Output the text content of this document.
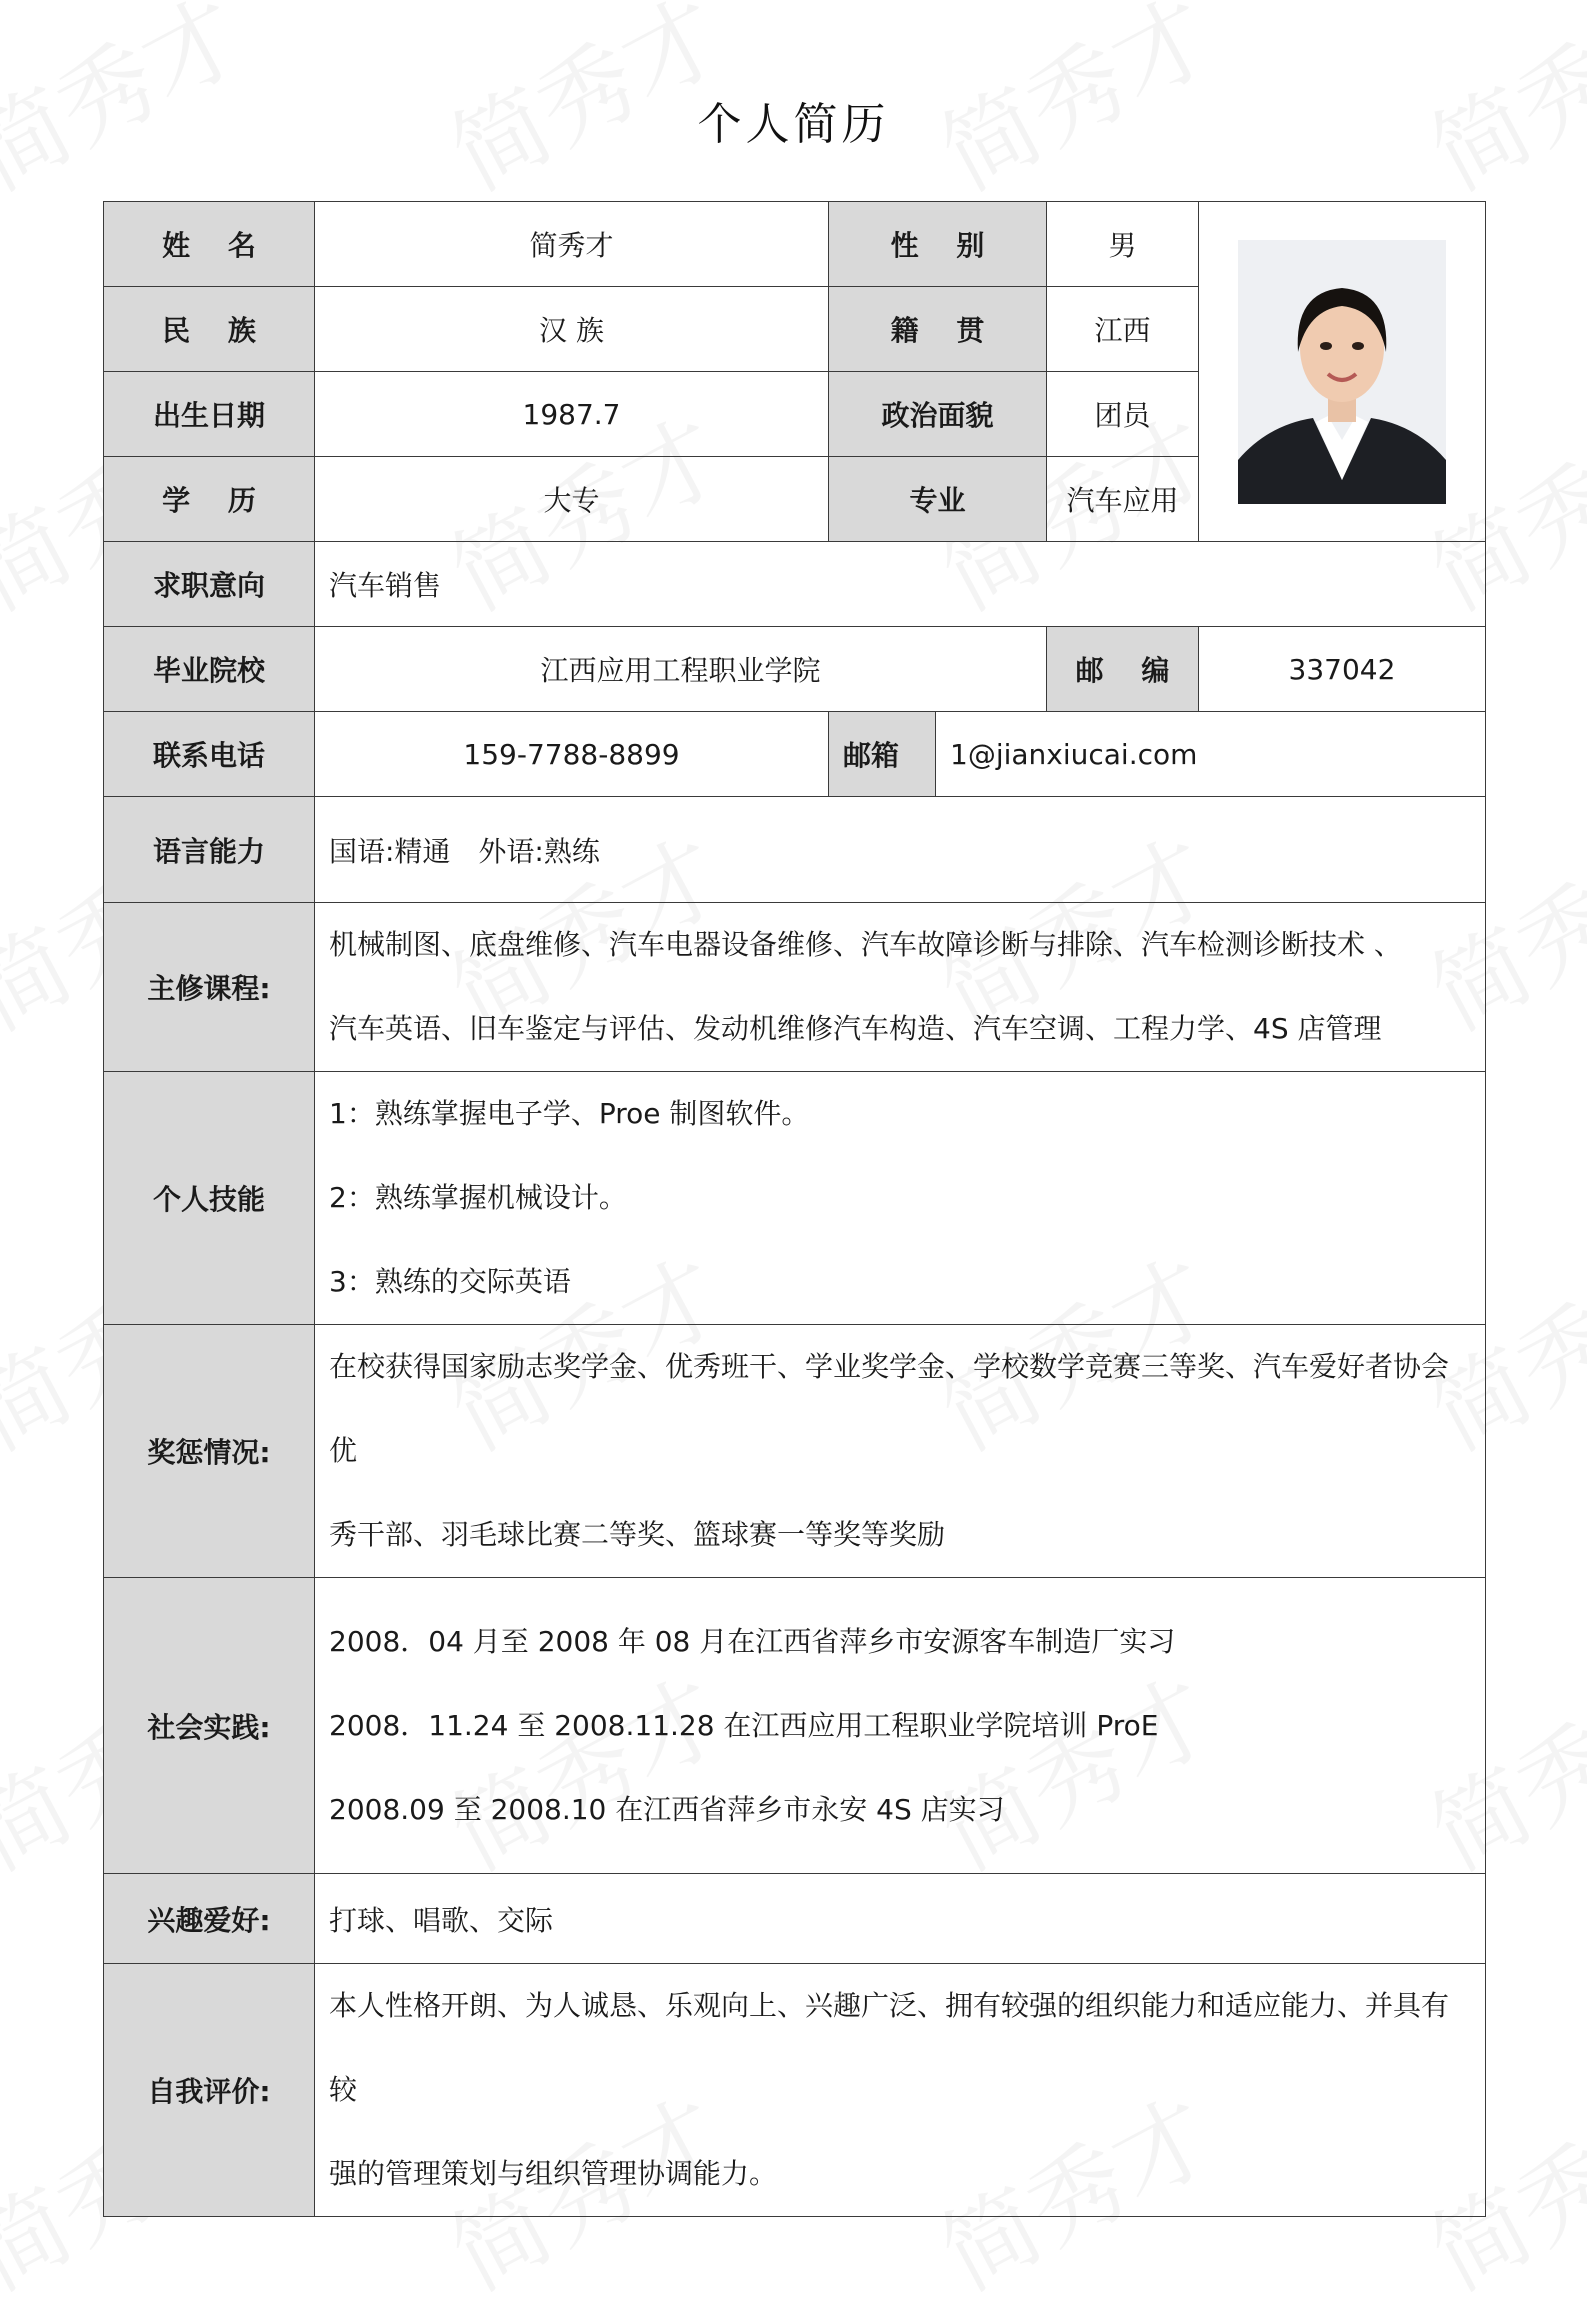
个人简历
姓 名	简秀才	性 别		男	

民 族	汉 族	籍 贯		江西	
出生日期	1987.7	政治面貌		团员	
学 历	大专	专业		汽车应用	
求职意向	汽车销售				
毕业院校	江西应用工程职业学院			邮 编	337042
联系电话	159-7788-8899	邮箱	1@jianxiucai.com		
语言能力	国语:精通　外语:熟练				
主修课程:	机械制图、底盘维修、汽车电器设备维修、汽车故障诊断与排除、汽车检测诊断技术 、
汽车英语、旧车鉴定与评估、发动机维修汽车构造、汽车空调、工程力学、4S 店管理				

个人技能	1：熟练掌握电子学、Proe 制图软件。
2：熟练掌握机械设计。
3：熟练的交际英语				

奖惩情况:	在校获得国家励志奖学金、优秀班干、学业奖学金、学校数学竞赛三等奖、汽车爱好者协会优
秀干部、羽毛球比赛二等奖、篮球赛一等奖等奖励				

社会实践:	2008．04 月至 2008 年 08 月在江西省萍乡市安源客车制造厂实习
2008．11.24 至 2008.11.28 在江西应用工程职业学院培训 ProE
2008.09 至 2008.10 在江西省萍乡市永安 4S 店实习				

兴趣爱好:	打球、唱歌、交际				
自我评价:	本人性格开朗、为人诚恳、乐观向上、兴趣广泛、拥有较强的组织能力和适应能力、并具有较
强的管理策划与组织管理协调能力。				
